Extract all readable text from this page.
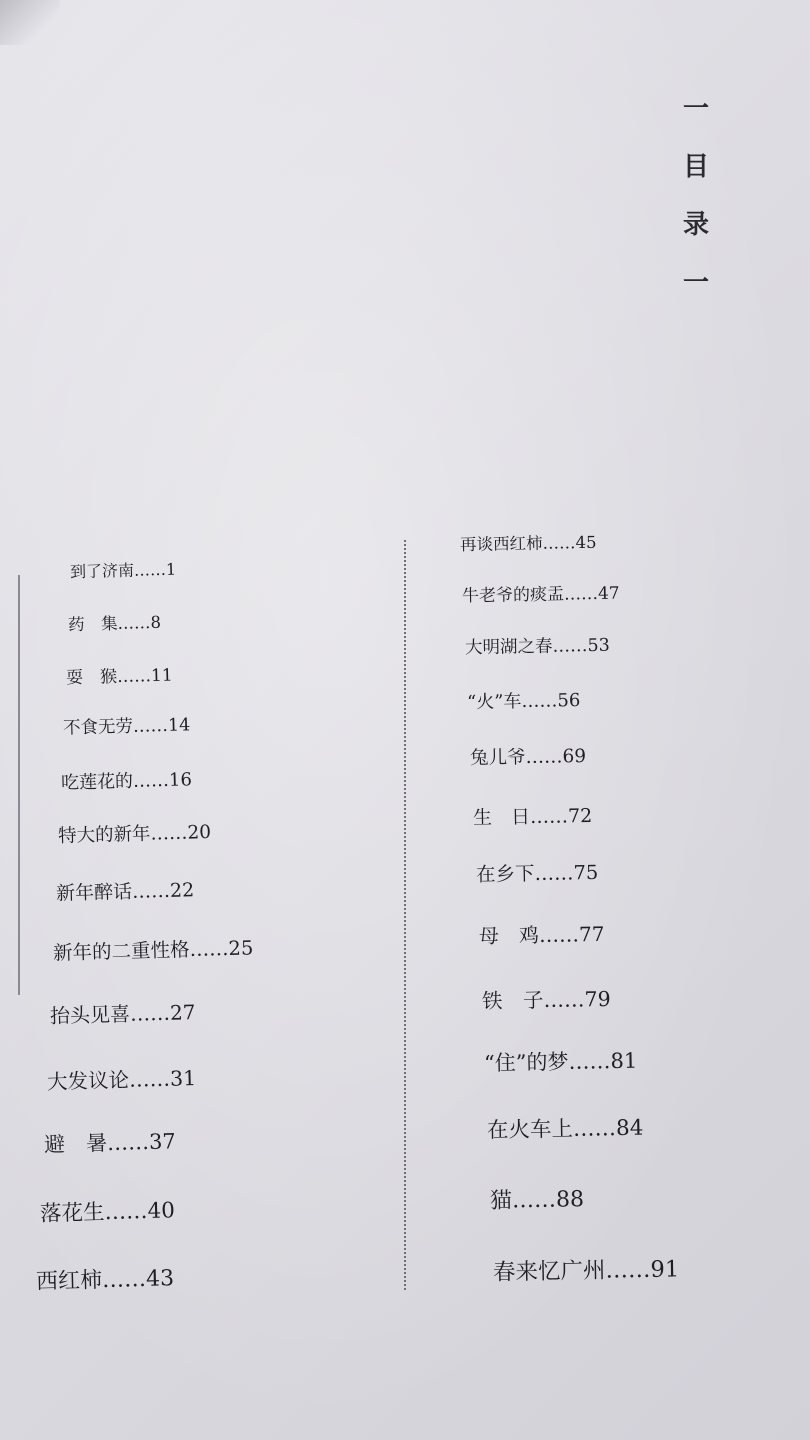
一
目
录
一
到了济南……1
药　集……8
耍　猴……11
不食无劳……14
吃莲花的……16
特大的新年……20
新年醉话……22
新年的二重性格……25
抬头见喜……27
大发议论……31
避　暑……37
落花生……40
西红柿……43
再谈西红柿……45
牛老爷的痰盂……47
大明湖之春……53
“火”车……56
兔儿爷……69
生　日……72
在乡下……75
母　鸡……77
铁　子……79
“住”的梦……81
在火车上……84
猫……88
春来忆广州……91
